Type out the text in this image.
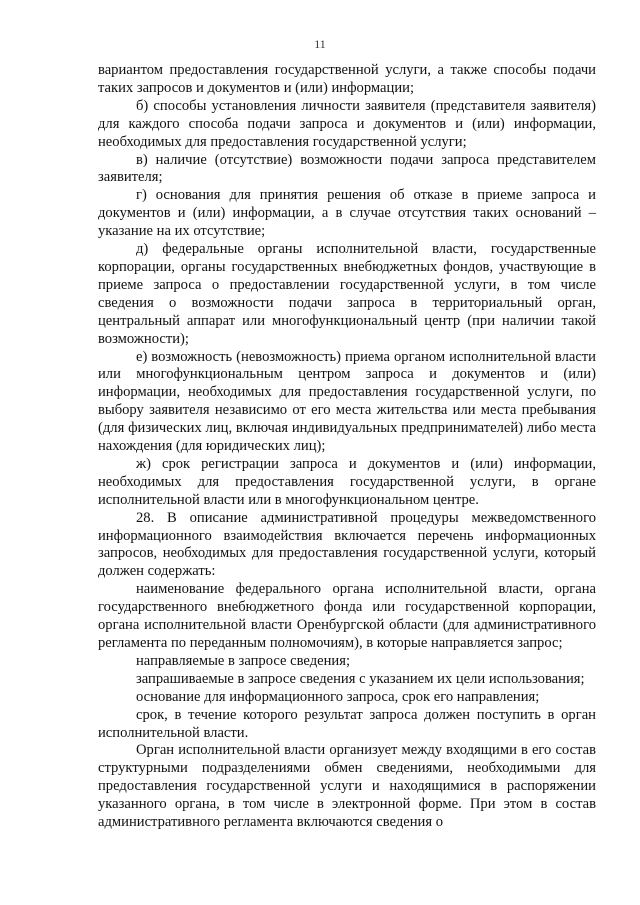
11

вариантом предоставления государственной услуги, а также способы подачи таких запросов и документов и (или) информации;

б) способы установления личности заявителя (представителя заявителя) для каждого способа подачи запроса и документов и (или) информации, необходимых для предоставления государственной услуги;

в) наличие (отсутствие) возможности подачи запроса представителем заявителя;

г) основания для принятия решения об отказе в приеме запроса и документов и (или) информации, а в случае отсутствия таких оснований – указание на их отсутствие;

д) федеральные органы исполнительной власти, государственные корпорации, органы государственных внебюджетных фондов, участвующие в приеме запроса о предоставлении государственной услуги, в том числе сведения о возможности подачи запроса в территориальный орган, центральный аппарат или многофункциональный центр (при наличии такой возможности);

е) возможность (невозможность) приема органом исполнительной власти или многофункциональным центром запроса и документов и (или) информации, необходимых для предоставления государственной услуги, по выбору заявителя независимо от его места жительства или места пребывания (для физических лиц, включая индивидуальных предпринимателей) либо места нахождения (для юридических лиц);

ж) срок регистрации запроса и документов и (или) информации, необходимых для предоставления государственной услуги, в органе исполнительной власти или в многофункциональном центре.

28. В описание административной процедуры межведомственного информационного взаимодействия включается перечень информационных запросов, необходимых для предоставления государственной услуги, который должен содержать:

наименование федерального органа исполнительной власти, органа государственного внебюджетного фонда или государственной корпорации, органа исполнительной власти Оренбургской области (для административного регламента по переданным полномочиям), в которые направляется запрос;

направляемые в запросе сведения;

запрашиваемые в запросе сведения с указанием их цели использования;

основание для информационного запроса, срок его направления;

срок, в течение которого результат запроса должен поступить в орган исполнительной власти.

Орган исполнительной власти организует между входящими в его состав структурными подразделениями обмен сведениями, необходимыми для предоставления государственной услуги и находящимися в распоряжении указанного органа, в том числе в электронной форме. При этом в состав административного регламента включаются сведения о
